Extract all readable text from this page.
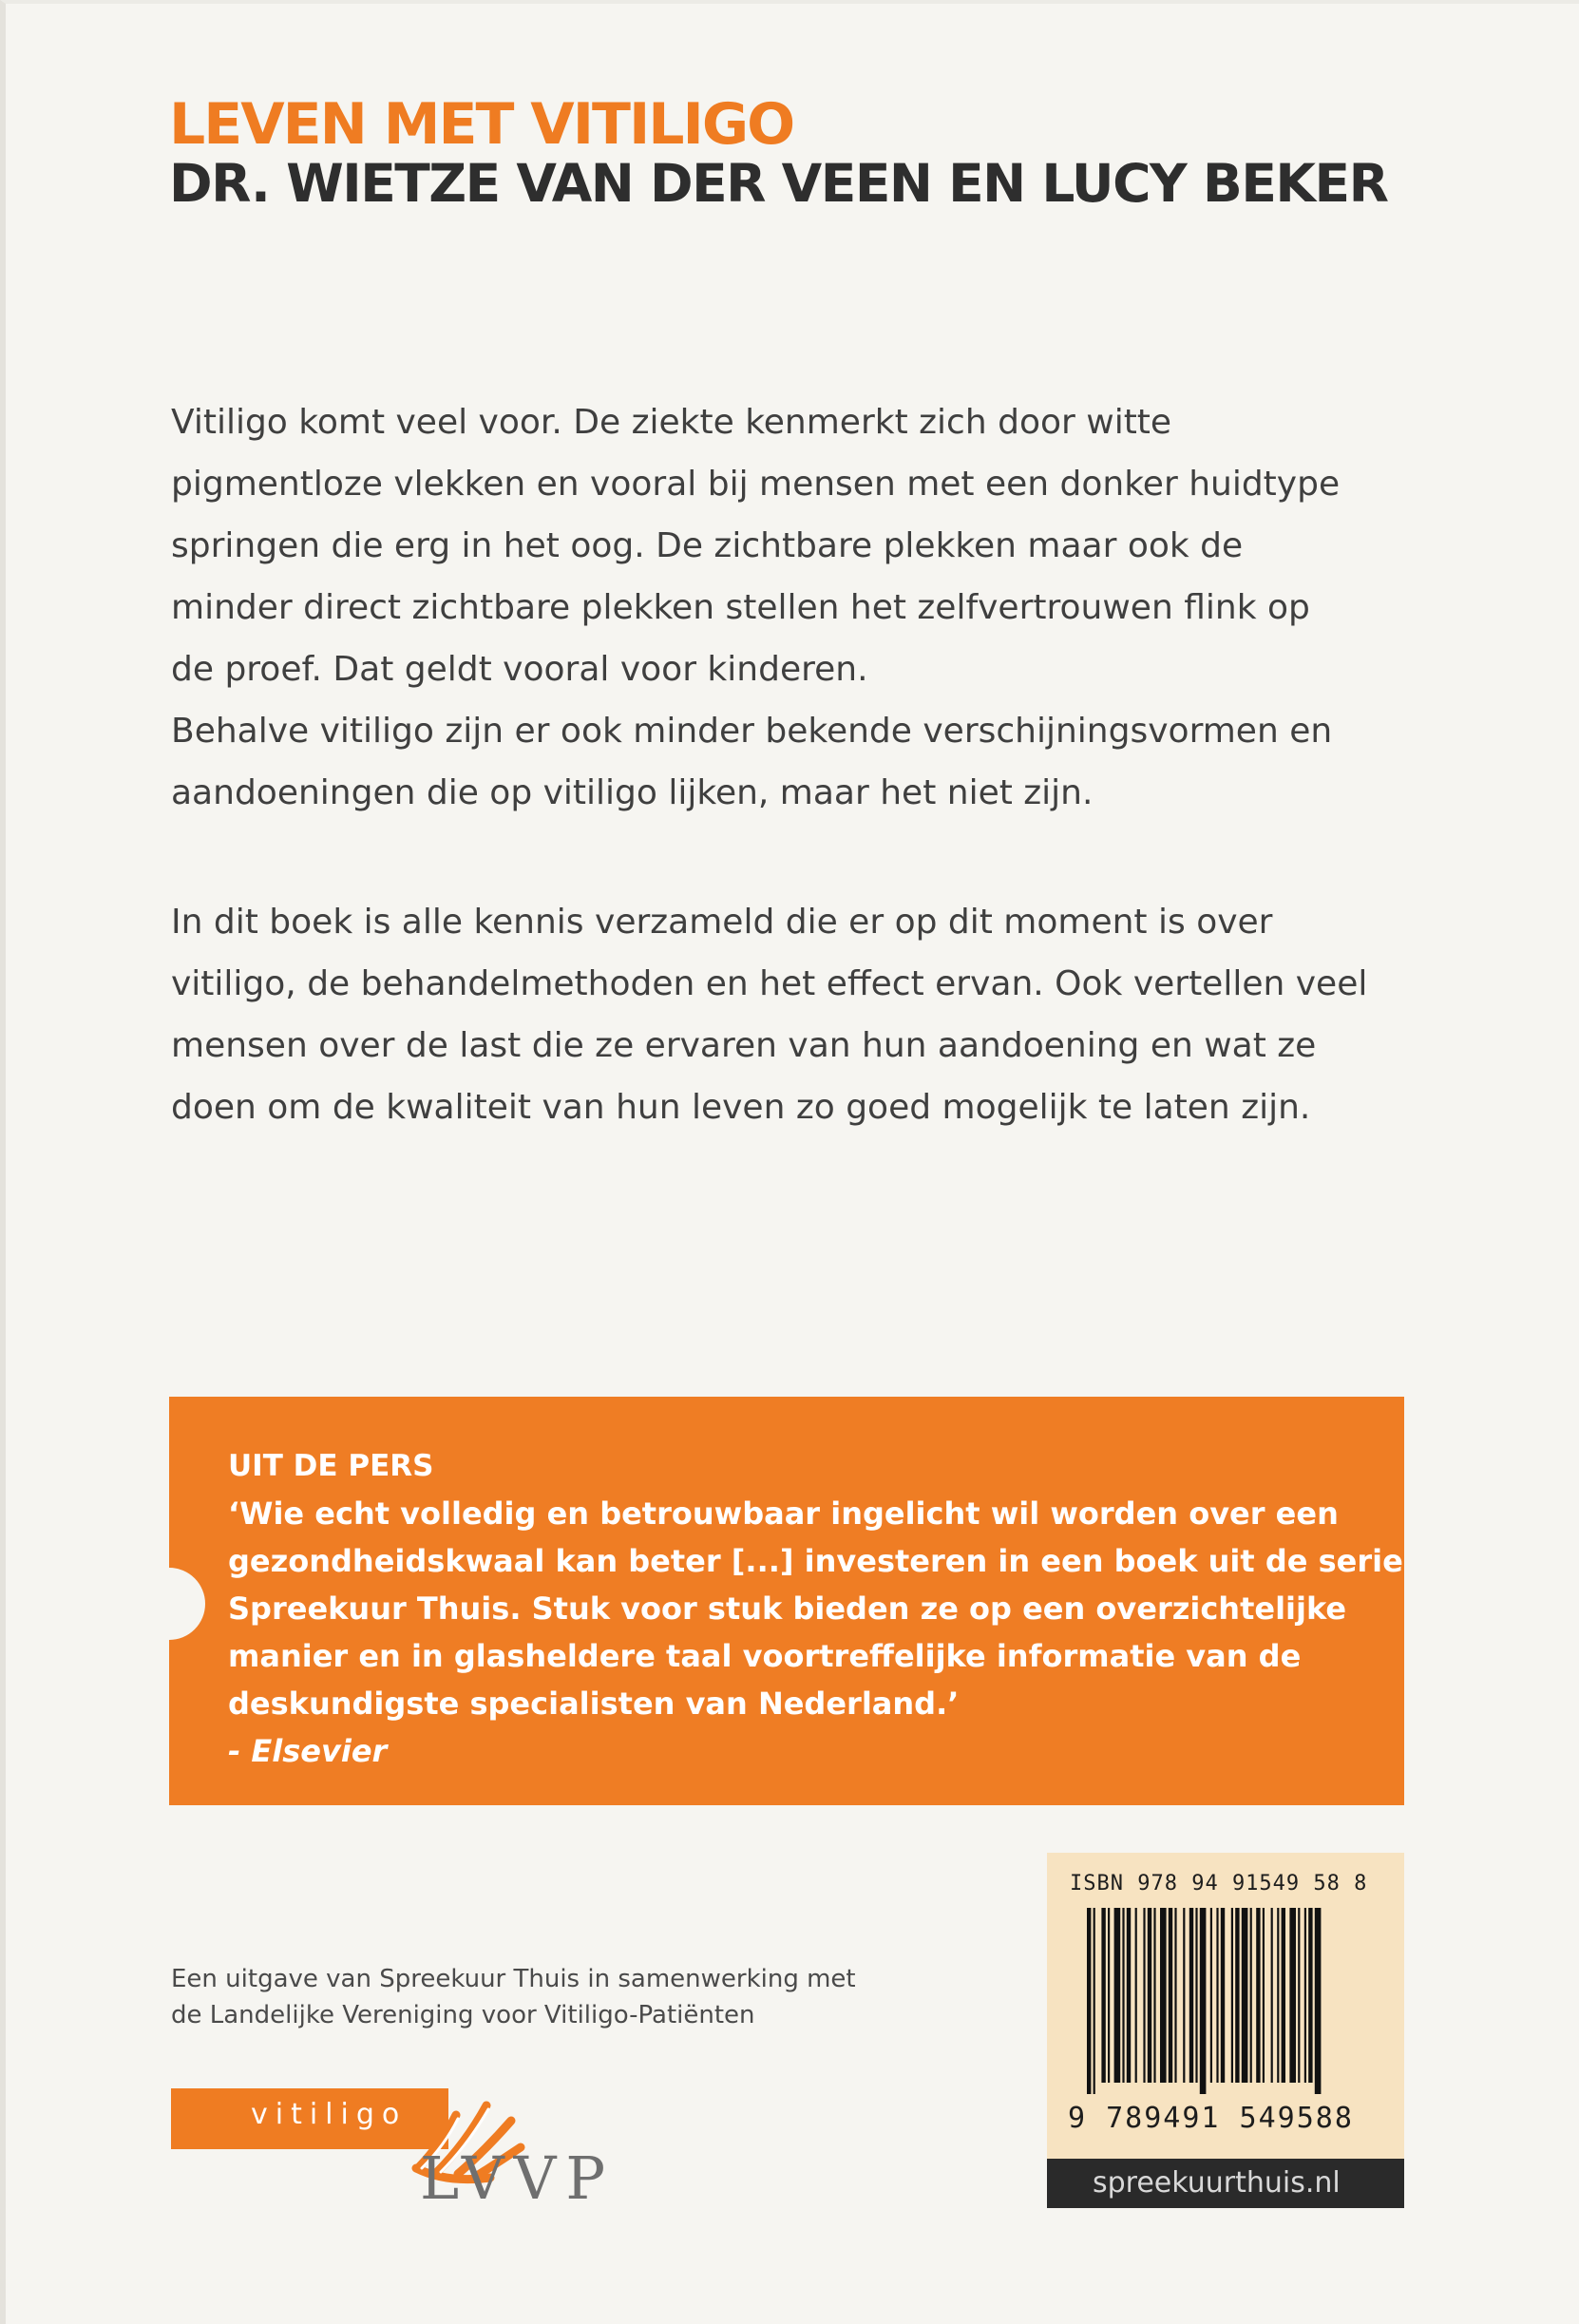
LEVEN MET VITILIGO
DR. WIETZE VAN DER VEEN EN LUCY BEKER

Vitiligo komt veel voor. De ziekte kenmerkt zich door witte
pigmentloze vlekken en vooral bij mensen met een donker huidtype
springen die erg in het oog. De zichtbare plekken maar ook de
minder direct zichtbare plekken stellen het zelfvertrouwen flink op
de proef. Dat geldt vooral voor kinderen.
Behalve vitiligo zijn er ook minder bekende verschijningsvormen en
aandoeningen die op vitiligo lijken, maar het niet zijn.

In dit boek is alle kennis verzameld die er op dit moment is over
vitiligo, de behandelmethoden en het effect ervan. Ook vertellen veel
mensen over de last die ze ervaren van hun aandoening en wat ze
doen om de kwaliteit van hun leven zo goed mogelijk te laten zijn.

UIT DE PERS
‘Wie echt volledig en betrouwbaar ingelicht wil worden over een
gezondheidskwaal kan beter [...] investeren in een boek uit de serie
Spreekuur Thuis. Stuk voor stuk bieden ze op een overzichtelijke
manier en in glasheldere taal voortreffelijke informatie van de
deskundigste specialisten van Nederland.’
- Elsevier
Een uitgave van Spreekuur Thuis in samenwerking met
de Landelijke Vereniging voor Vitiligo-Patiënten
vitiligo
LVVP
ISBN 978 94 91549 58 8
9 789491 549588
spreekuurthuis.nl
